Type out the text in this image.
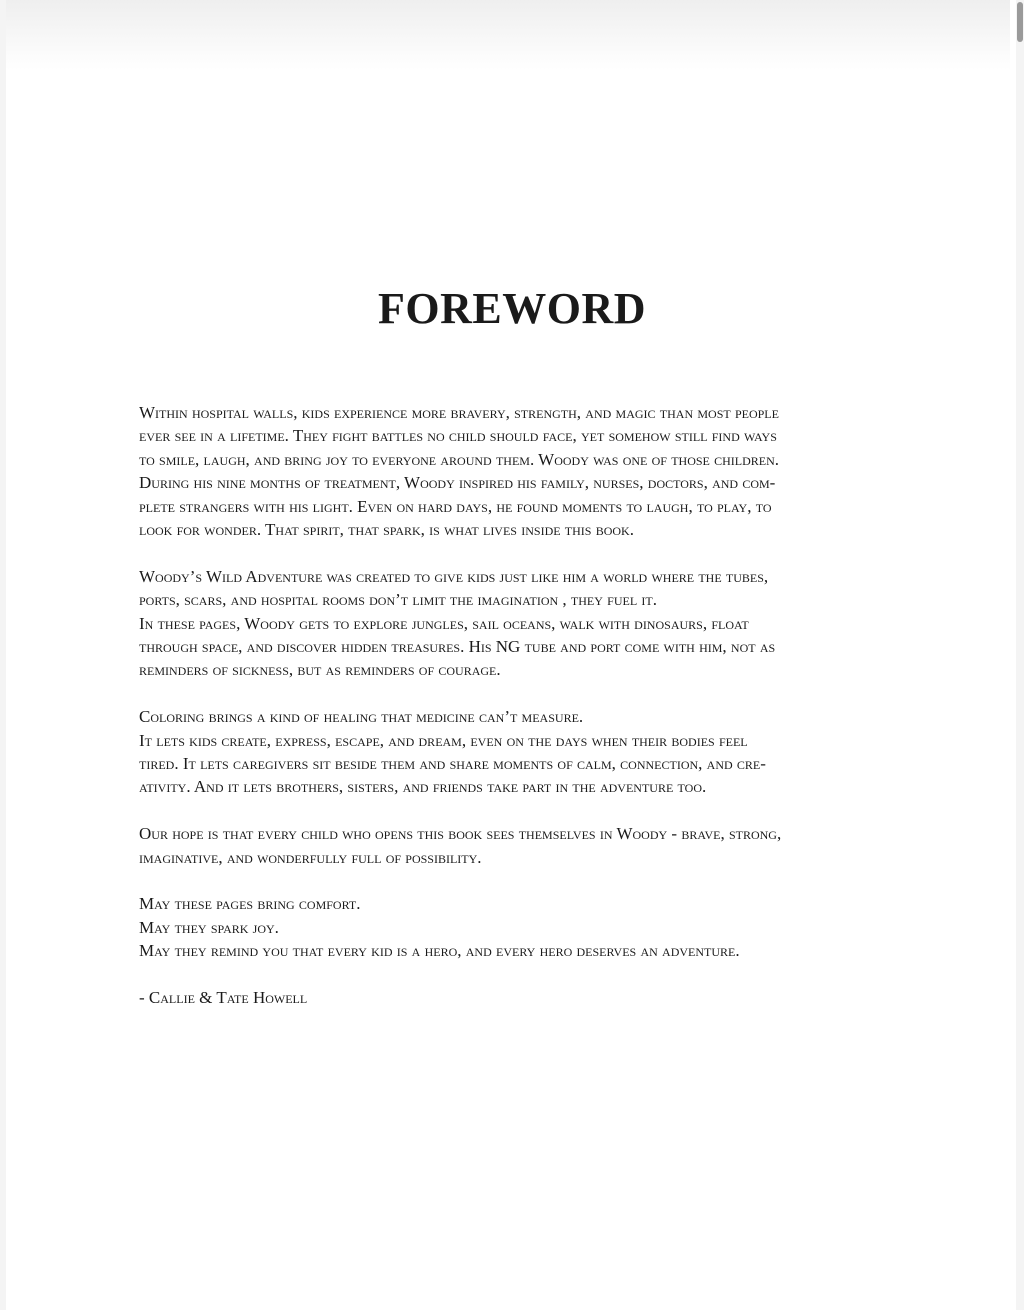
FOREWORD

Within hospital walls, kids experience more bravery, strength, and magic than most people
ever see in a lifetime. They fight battles no child should face, yet somehow still find ways
to smile, laugh, and bring joy to everyone around them. Woody was one of those children.
During his nine months of treatment, Woody inspired his family, nurses, doctors, and com-
plete strangers with his light. Even on hard days, he found moments to laugh, to play, to
look for wonder. That spirit, that spark, is what lives inside this book.

Woody’s Wild Adventure was created to give kids just like him a world where the tubes,
ports, scars, and hospital rooms don’t limit the imagination , they fuel it.
In these pages, Woody gets to explore jungles, sail oceans, walk with dinosaurs, float
through space, and discover hidden treasures. His NG tube and port come with him, not as
reminders of sickness, but as reminders of courage.

Coloring brings a kind of healing that medicine can’t measure.
It lets kids create, express, escape, and dream, even on the days when their bodies feel
tired. It lets caregivers sit beside them and share moments of calm, connection, and cre-
ativity. And it lets brothers, sisters, and friends take part in the adventure too.

Our hope is that every child who opens this book sees themselves in Woody - brave, strong,
imaginative, and wonderfully full of possibility.

May these pages bring comfort.
May they spark joy.
May they remind you that every kid is a hero, and every hero deserves an adventure.

- Callie & Tate Howell
